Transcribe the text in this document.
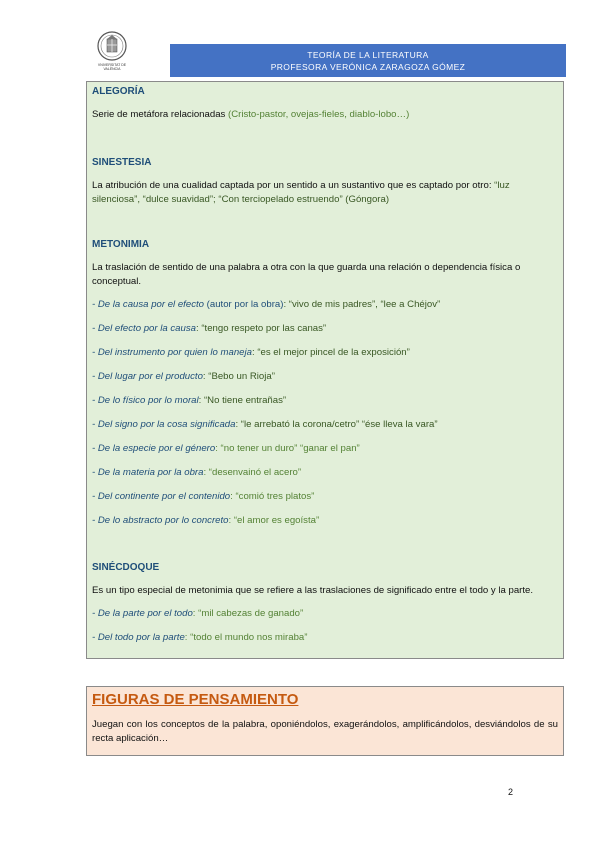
VNIVERSITAT DE VALÈNCIA
TEORÍA DE LA LITERATURA
PROFESORA VERÓNICA ZARAGOZA GÓMEZ
ALEGORÍA

Serie de metáfora relacionadas (Cristo-pastor, ovejas-fieles, diablo-lobo…)

SINESTESIA

La atribución de una cualidad captada por un sentido a un sustantivo que es captado por otro: “luz silenciosa”, “dulce suavidad”; “Con terciopelado estruendo” (Góngora)

METONIMIA

La traslación de sentido de una palabra a otra con la que guarda una relación o dependencia física o conceptual.

- De la causa por el efecto (autor por la obra): “vivo de mis padres”, “lee a Chéjov”

- Del efecto por la causa: “tengo respeto por las canas”

- Del instrumento por quien lo maneja: “es el mejor pincel de la exposición”

- Del lugar por el producto: “Bebo un Rioja”

- De lo físico por lo moral: “No tiene entrañas”

- Del signo por la cosa significada: “le arrebató la corona/cetro” “ése lleva la vara”

- De la especie por el género: “no tener un duro” “ganar el pan”

- De la materia por la obra: “desenvainó el acero”

- Del continente por el contenido: “comió tres platos”

- De lo abstracto por lo concreto: “el amor es egoísta”

SINÉCDOQUE

Es un tipo especial de metonimia que se refiere a las traslaciones de significado entre el todo y la parte.

- De la parte por el todo: “mil cabezas de ganado”

- Del todo por la parte: “todo el mundo nos miraba”

FIGURAS DE PENSAMIENTO

Juegan con los conceptos de la palabra, oponiéndolos, exagerándolos, amplificándolos, desviándolos de su recta aplicación…

2
